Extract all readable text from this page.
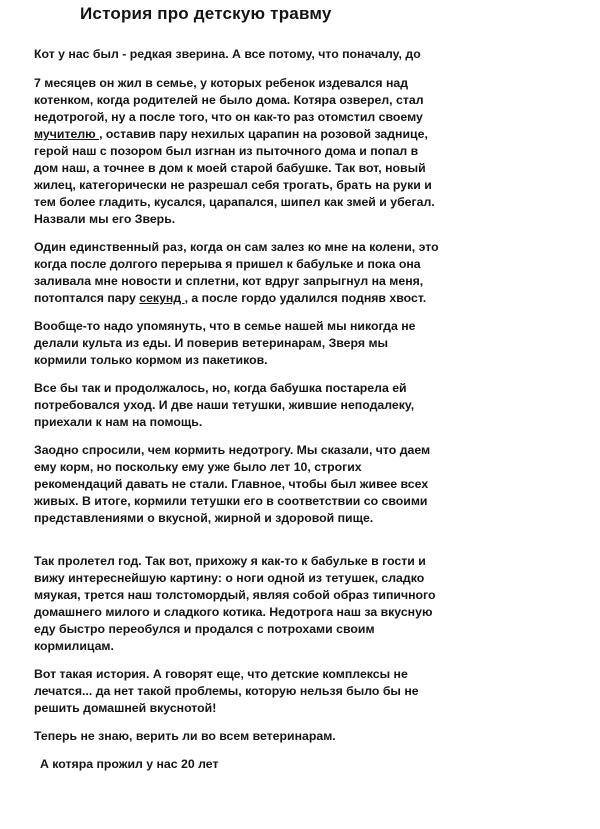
История про детскую травму
Кот у нас был - редкая зверина. А все потому, что поначалу, до
7 месяцев он жил в семье, у которых ребенок издевался над
котенком, когда родителей не было дома. Котяра озверел, стал
недотрогой, ну а после того, что он как-то раз отомстил своему
мучителю , оставив пару нехилых царапин на розовой заднице,
герой наш с позором был изгнан из пыточного дома и попал в
дом наш, а точнее в дом к моей старой бабушке. Так вот, новый
жилец, категорически не разрешал себя трогать, брать на руки и
тем более гладить, кусался, царапался, шипел как змей и убегал.
Назвали мы его Зверь.
Один единственный раз, когда он сам залез ко мне на колени, это
когда после долгого перерыва я пришел к бабульке и пока она
заливала мне новости и сплетни, кот вдруг запрыгнул на меня,
потоптался пару секунд , а после гордо удалился подняв хвост.
Вообще-то надо упомянуть, что в семье нашей мы никогда не
делали культа из еды. И поверив ветеринарам, Зверя мы
кормили только кормом из пакетиков.
Все бы так и продолжалось, но, когда бабушка постарела ей
потребовался уход. И две наши тетушки, жившие неподалеку,
приехали к нам на помощь.
Заодно спросили, чем кормить недотрогу. Мы сказали, что даем
ему корм, но поскольку ему уже было лет 10, строгих
рекомендаций давать не стали. Главное, чтобы был живее всех
живых. В итоге, кормили тетушки его в соответствии со своими
представлениями о вкусной, жирной и здоровой пище.
Так пролетел год. Так вот, прихожу я как-то к бабульке в гости и
вижу интереснейшую картину: о ноги одной из тетушек, сладко
мяукая, трется наш толстомордый, являя собой образ типичного
домашнего милого и сладкого котика. Недотрога наш за вкусную
еду быстро переобулся и продался с потрохами своим
кормилицам.
Вот такая история. А говорят еще, что детские комплексы не
лечатся... да нет такой проблемы, которую нельзя было бы не
решить домашней вкуснотой!
Теперь не знаю, верить ли во всем ветеринарам.
А котяра прожил у нас 20 лет
